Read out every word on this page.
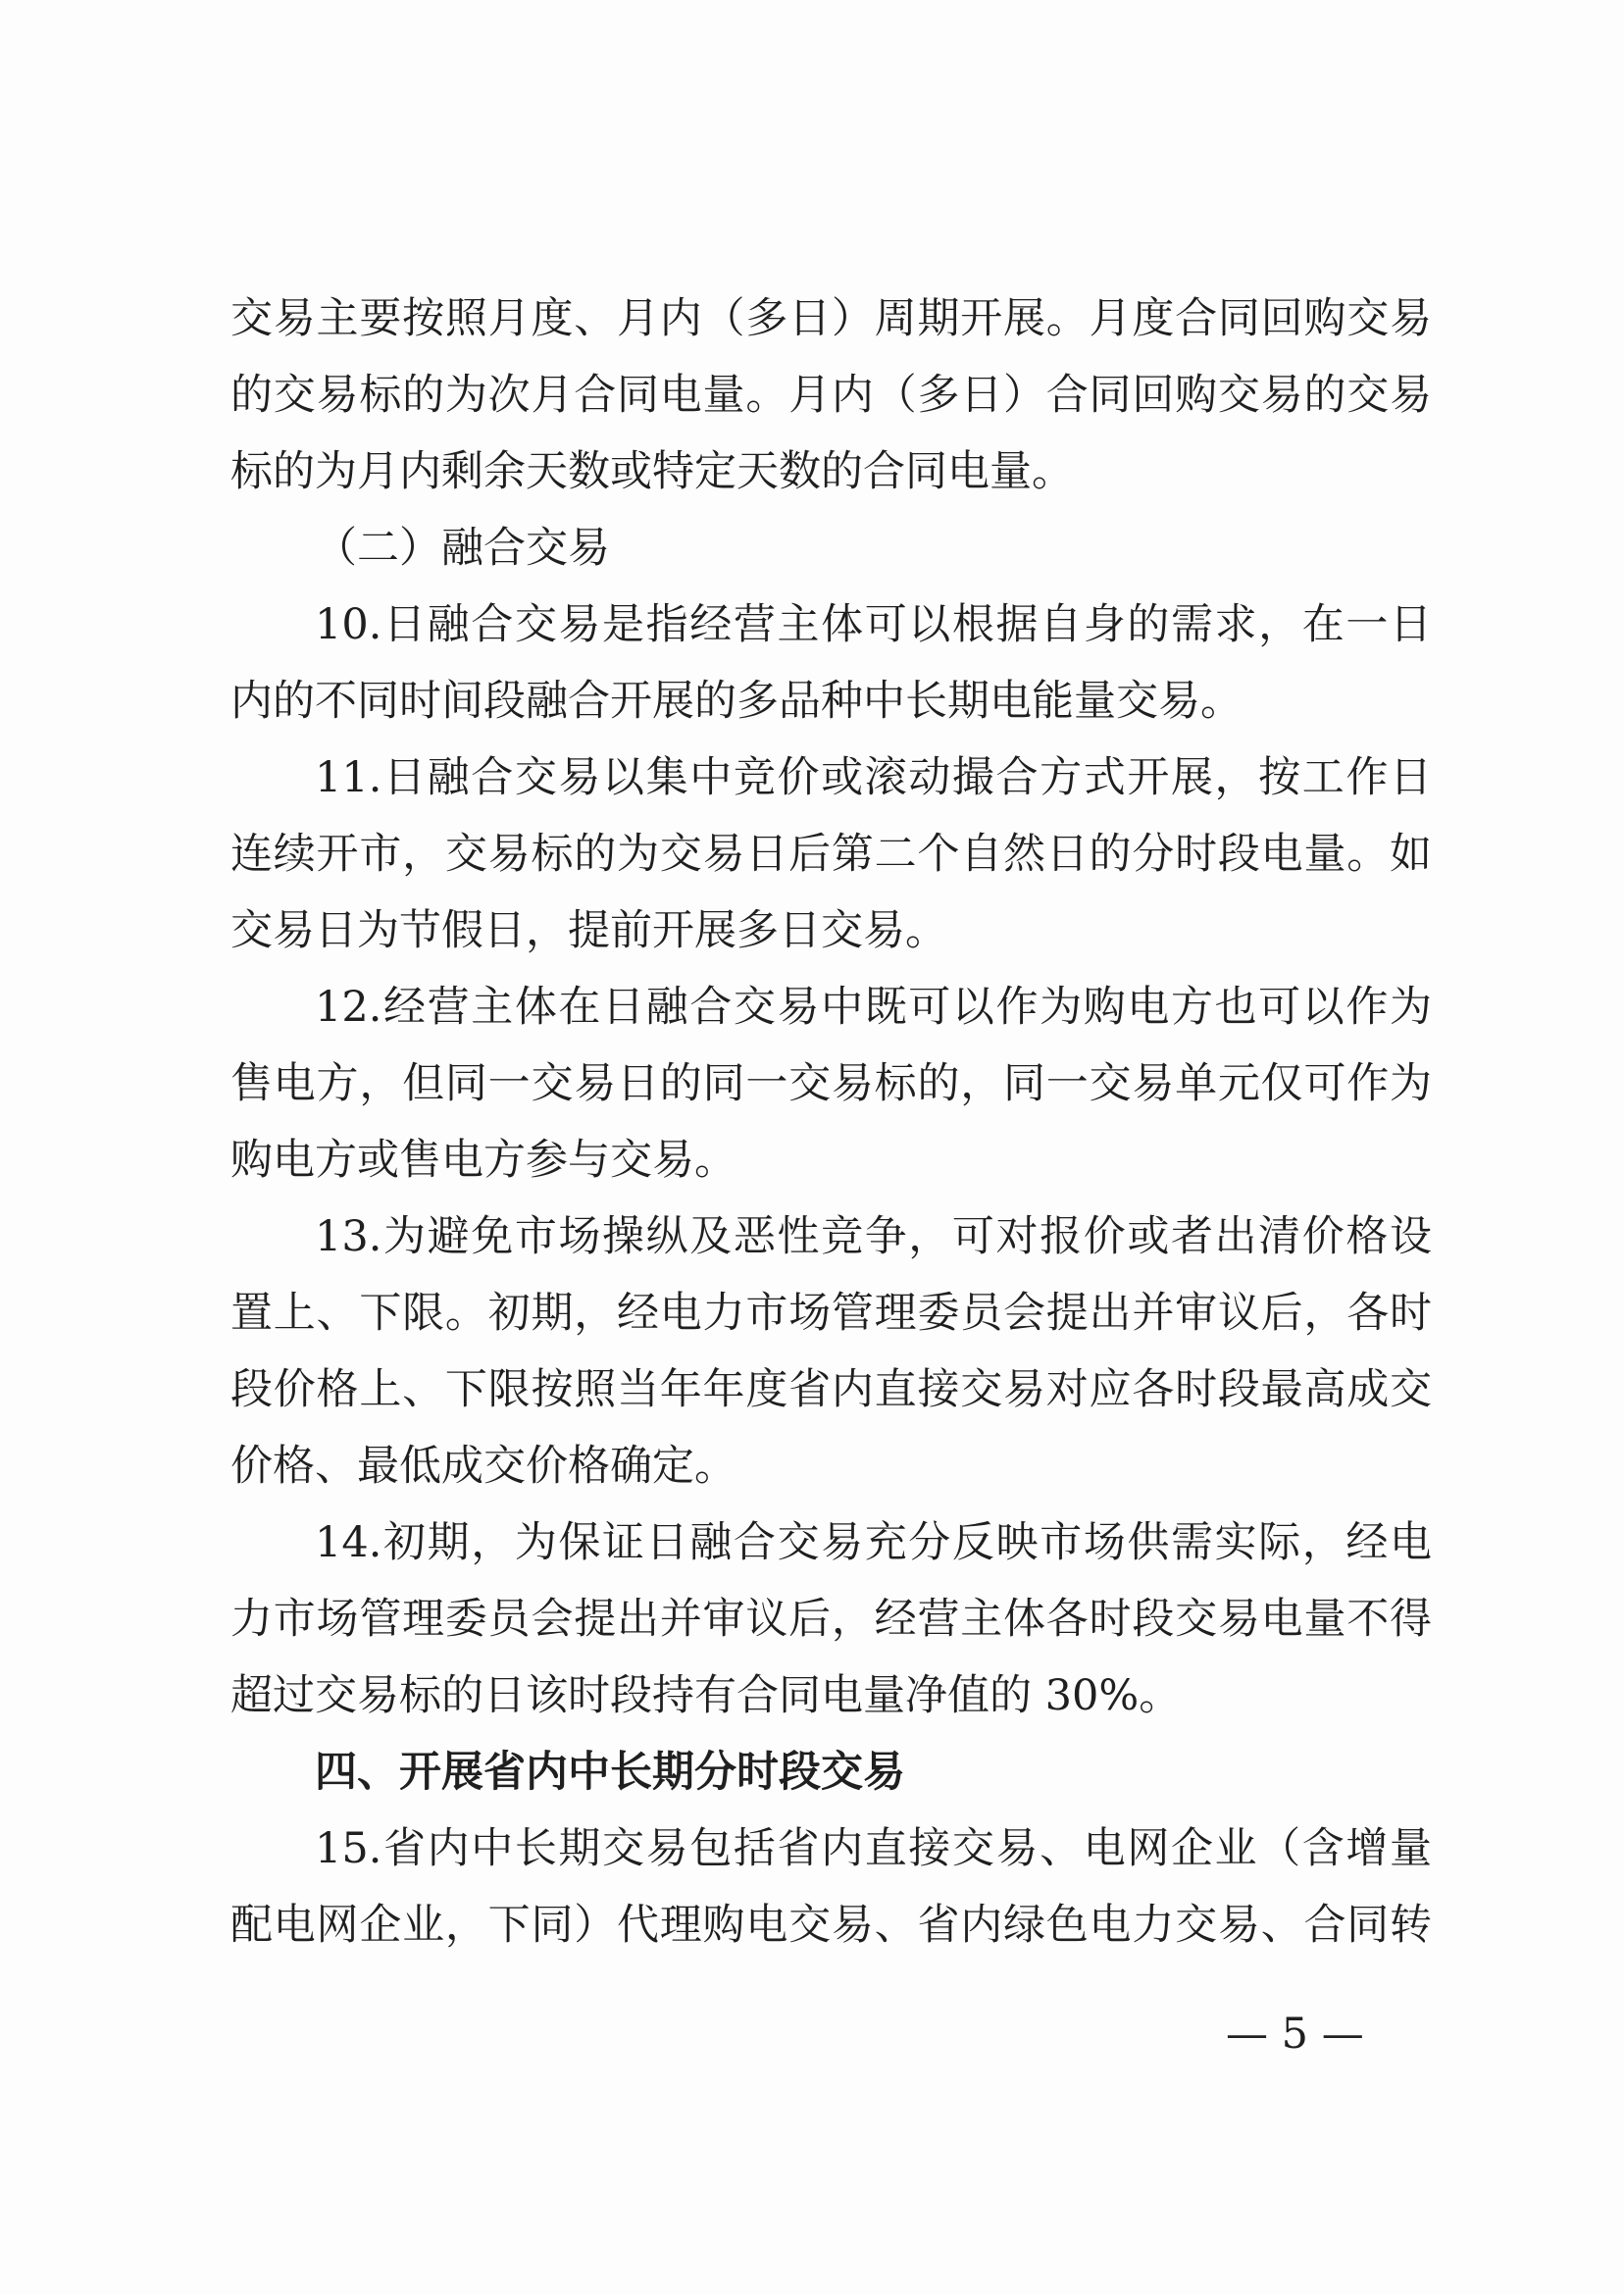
交易主要按照月度、月内（多日）周期开展。月度合同回购交易
的交易标的为次月合同电量。月内（多日）合同回购交易的交易
标的为月内剩余天数或特定天数的合同电量。
（二）融合交易
10.日融合交易是指经营主体可以根据自身的需求，在一日
内的不同时间段融合开展的多品种中长期电能量交易。
11.日融合交易以集中竞价或滚动撮合方式开展，按工作日
连续开市，交易标的为交易日后第二个自然日的分时段电量。如
交易日为节假日，提前开展多日交易。
12.经营主体在日融合交易中既可以作为购电方也可以作为
售电方，但同一交易日的同一交易标的，同一交易单元仅可作为
购电方或售电方参与交易。
13.为避免市场操纵及恶性竞争，可对报价或者出清价格设
置上、下限。初期，经电力市场管理委员会提出并审议后，各时
段价格上、下限按照当年年度省内直接交易对应各时段最高成交
价格、最低成交价格确定。
14.初期，为保证日融合交易充分反映市场供需实际，经电
力市场管理委员会提出并审议后，经营主体各时段交易电量不得
超过交易标的日该时段持有合同电量净值的 30%。
四、开展省内中长期分时段交易
15.省内中长期交易包括省内直接交易、电网企业（含增量
配电网企业，下同）代理购电交易、省内绿色电力交易、合同转
— 5 —
